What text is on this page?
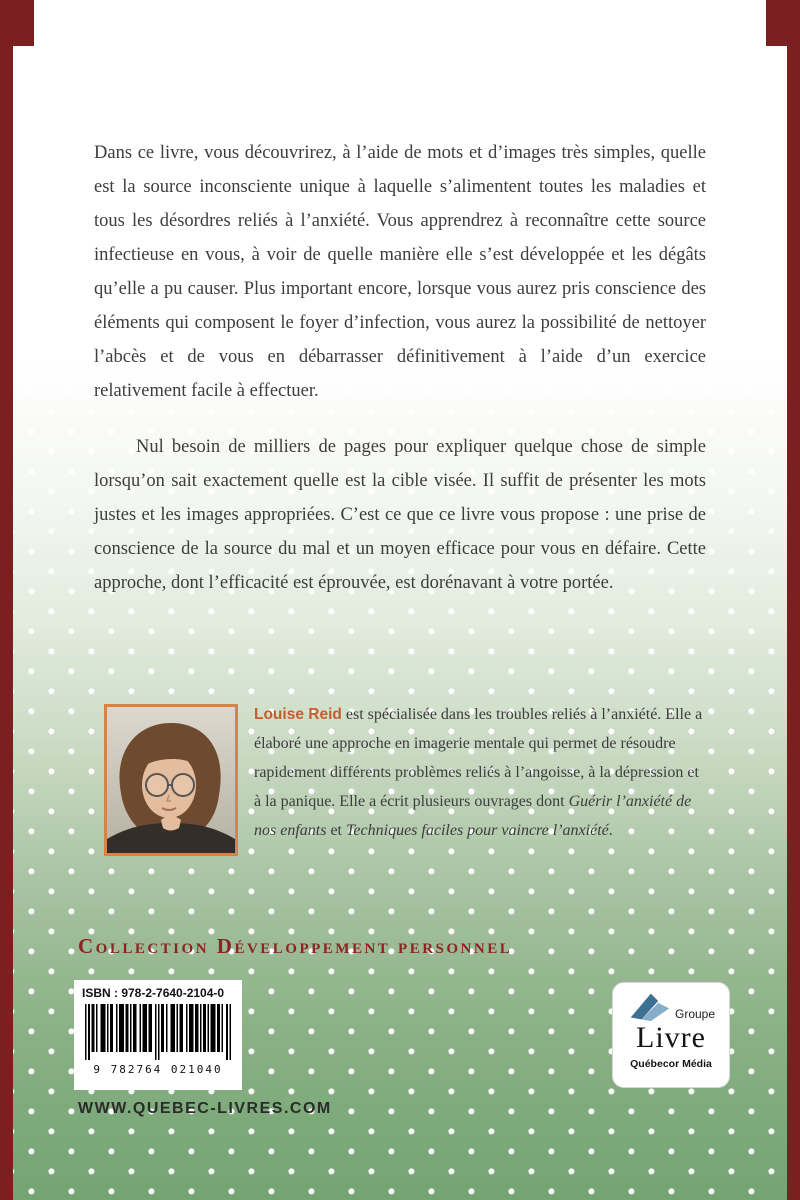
Dans ce livre, vous découvrirez, à l’aide de mots et d’images très simples, quelle est la source inconsciente unique à laquelle s’alimentent toutes les maladies et tous les désordres reliés à l’anxiété. Vous apprendrez à reconnaître cette source infectieuse en vous, à voir de quelle manière elle s’est développée et les dégâts qu’elle a pu causer. Plus important encore, lorsque vous aurez pris conscience des éléments qui composent le foyer d’infection, vous aurez la possibilité de nettoyer l’abcès et de vous en débarrasser définitivement à l’aide d’un exercice relativement facile à effectuer.

Nul besoin de milliers de pages pour expliquer quelque chose de simple lorsqu’on sait exactement quelle est la cible visée. Il suffit de présenter les mots justes et les images appropriées. C’est ce que ce livre vous propose : une prise de conscience de la source du mal et un moyen efficace pour vous en défaire. Cette approche, dont l’efficacité est éprouvée, est dorénavant à votre portée.

Louise Reid est spécialisée dans les troubles reliés à l’anxiété. Elle a élaboré une approche en imagerie mentale qui permet de résoudre rapidement différents problèmes reliés à l’angoisse, à la dépression et à la panique. Elle a écrit plusieurs ouvrages dont Guérir l’anxiété de nos enfants et Techniques faciles pour vaincre l’anxiété.

Collection Développement personnel
ISBN : 978-2-7640-2104-0
9 782764 021040
Groupe
Livre
Québecor Média
WWW.QUEBEC-LIVRES.COM
